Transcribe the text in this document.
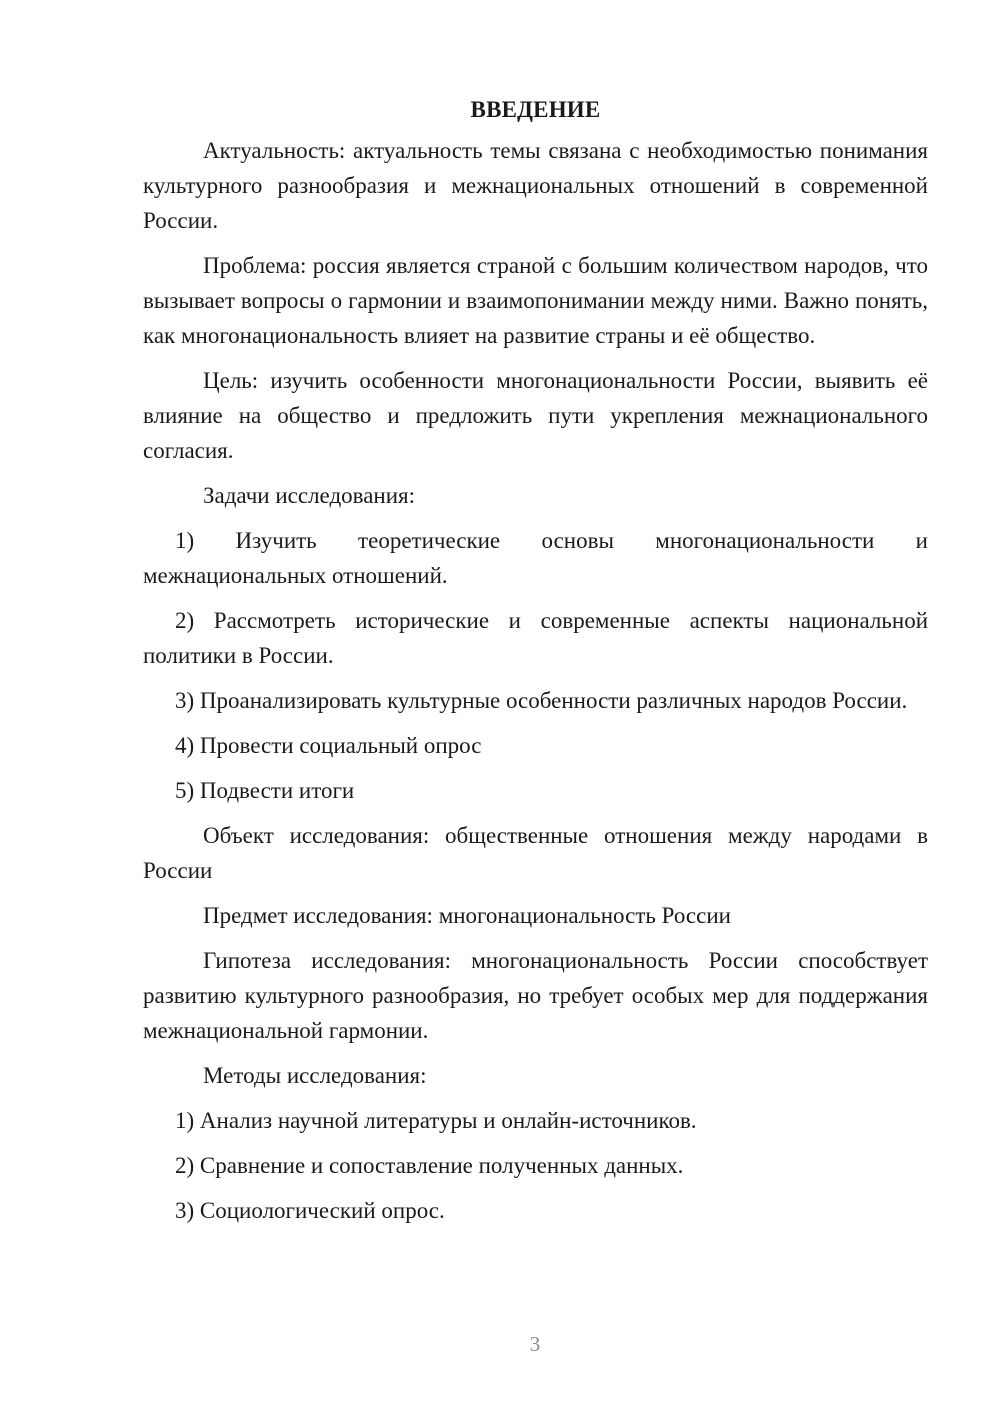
ВВЕДЕНИЕ

Актуальность: актуальность темы связана с необходимостью понимания культурного разнообразия и межнациональных отношений в современной России.

Проблема: россия является страной с большим количеством народов, что вызывает вопросы о гармонии и взаимопонимании между ними. Важно понять, как многонациональность влияет на развитие страны и её общество.

Цель: изучить особенности многонациональности России, выявить её влияние на общество и предложить пути укрепления межнационального согласия.

Задачи исследования:

1) Изучить теоретические основы многонациональности и межнациональных отношений.

2) Рассмотреть исторические и современные аспекты национальной политики в России.

3) Проанализировать культурные особенности различных народов России.

4) Провести социальный опрос

5) Подвести итоги

Объект исследования: общественные отношения между народами в России

Предмет исследования: многонациональность России

Гипотеза исследования: многонациональность России способствует развитию культурного разнообразия, но требует особых мер для поддержания межнациональной гармонии.

Методы исследования:

1) Анализ научной литературы и онлайн-источников.

2) Сравнение и сопоставление полученных данных.

3) Социологический опрос.

3
